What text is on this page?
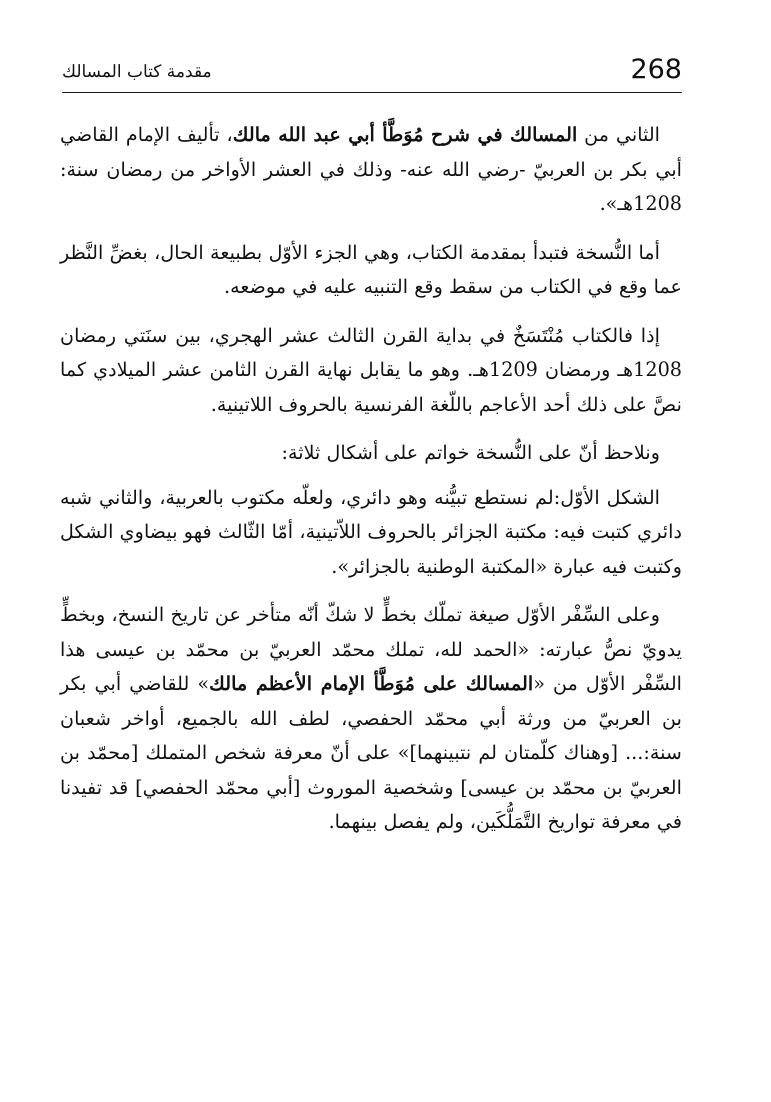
268
مقدمة كتاب المسالك

الثاني من المسالك في شرح مُوَطَّأ أبي عبد الله مالك، تأليف الإمام القاضي أبي بكر بن العربيّ -رضي الله عنه- وذلك في العشر الأواخر من رمضان سنة: 1208هـ».

أما النُّسخة فتبدأ بمقدمة الكتاب، وهي الجزء الأوّل بطبيعة الحال، بغضِّ النَّظر عما وقع في الكتاب من سقط وقع التنبيه عليه في موضعه.

إذا فالكتاب مُنْتَسَخٌ في بداية القرن الثالث عشر الهجري، بين سنَتي رمضان 1208هـ ورمضان 1209هـ. وهو ما يقابل نهاية القرن الثامن عشر الميلادي كما نصَّ على ذلك أحد الأعاجم باللّغة الفرنسية بالحروف اللاتينية.

ونلاحظ أنّ على النُّسخة خواتم على أشكال ثلاثة:

الشكل الأوّل:لم نستطع تبيُّنه وهو دائري، ولعلّه مكتوب بالعربية، والثاني شبه دائري كتبت فيه: مكتبة الجزائر بالحروف اللاّتينية، أمّا الثّالث فهو بيضاوي الشكل وكتبت فيه عبارة «المكتبة الوطنية بالجزائر».

وعلى السِّفْر الأوّل صيغة تملّك بخطٍّ لا شكّ أنّه متأخر عن تاريخ النسخ، وبخطٍّ يدويّ نصُّ عبارته: «الحمد لله، تملك محمّد العربيّ بن محمّد بن عيسى هذا السِّفْر الأوّل من «المسالك على مُوَطَّأ الإمام الأعظم مالك» للقاضي أبي بكر بن العربيّ من ورثة أبي محمّد الحفصي، لطف الله بالجميع، أواخر شعبان سنة:... [وهناك كلّمتان لم نتبينهما]» على أنّ معرفة شخص المتملك [محمّد بن العربيّ بن محمّد بن عيسى] وشخصية الموروث [أبي محمّد الحفصي] قد تفيدنا في معرفة تواريخ التَّمَلُّكَين، ولم يفصل بينهما.
